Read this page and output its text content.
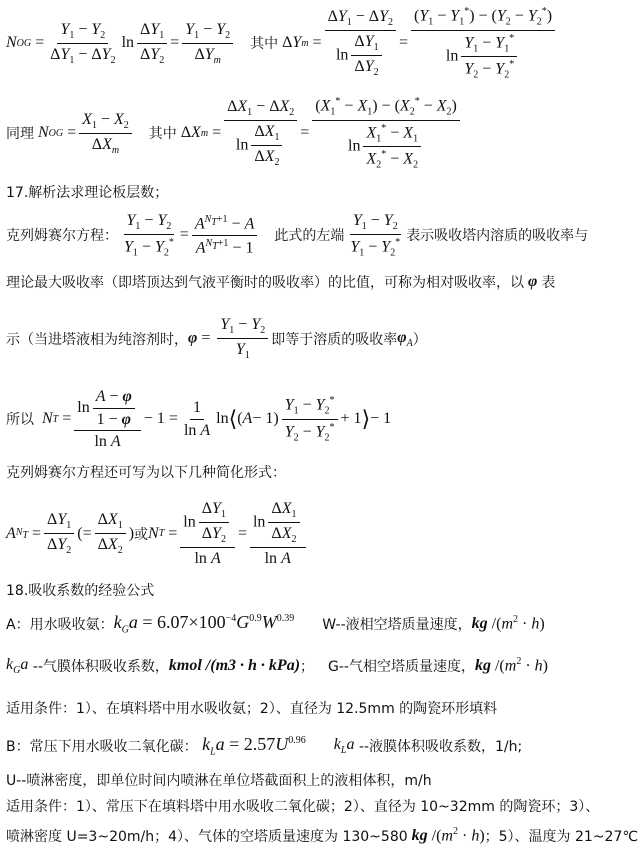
N OG = $\frac{Y_1 - Y_2}{\Delta Y_1 - \Delta Y_2}$ $\ln \frac{\Delta Y_1}{\Delta Y_2} = \frac{Y_1 - Y_2}{\Delta Y_m}$ 其中 Δ Y $m = \frac{\Delta Y_1 - \Delta Y_2}{\ln \frac{\Delta Y_1}{\Delta Y_2}} = \frac{(Y_1 - Y_1^*) - (Y_2 - Y_2^*)}{\ln \frac{Y_1 - Y_1^*}{Y_2 - Y_2^*}}$
同理
N OG = $\frac{X_1 - X_2}{\Delta X_m}$ 其中 Δ X $m = \frac{\Delta X_1 - \Delta X_2}{\ln \frac{\Delta X_1}{\Delta X_2}} = \frac{(X_1^* - X_1) - (X_2^* - X_2)}{\ln \frac{X_1^* - X_1}{X_2^* - X_2}}$
17.解析法求理论板层数；
克列姆赛尔方程： $\frac{Y_1 - Y_2}{Y_1 - Y_2^*} = \frac{A^{N_T+1} - A}{A^{N_T+1} - 1}$ 此式的左端 $\frac{Y_1 - Y_2}{Y_1 - Y_2^*}$ 表示吸收塔内溶质的吸收率与
理论最大吸收率（即塔顶达到气液平衡时的吸收率）的比值，可称为相对吸收率，以 φ 表
示（当进塔液相为纯溶剂时， $\varphi = \frac{Y_1 - Y_2}{Y_1}$ 即等于溶质的吸收率 $\varphi_A$ ）
所以
N $T = \frac{\ln \frac{A - \varphi}{1 - \varphi}}{\text{ln A}} - 1 = \frac{1}{\text{ln A}}$ ln ⟨ ( $A - 1) \frac{Y_1 - Y_2^*}{Y_2 - Y_2^*} + 1$ ⟩ − 1
克列姆赛尔方程还可写为以下几种简化形式：
A $N_T = \frac{\Delta Y_1}{\Delta Y_2}$ (= $\frac{\Delta X_1}{\Delta X_2}$ ) 或 N $T = \frac{\ln \frac{\Delta Y_1}{\Delta Y_2}}{\text{ln A}} = \frac{\ln \frac{\Delta X_1}{\Delta X_2}}{\text{ln A}}$
18.吸收系数的经验公式
A：用水吸收氨： $k_Ga = 6.07\times 100^{-4}G^{0.9}W^{0.39}$ W--液相空塔质量速度， kg $/(m^2 \cdot h)$
$k_Ga$
--气膜体积吸收系数， kmol /(m 3 · h · kPa) ； G--气相空塔质量速度， kg $/(m^2 \cdot h)$
适用条件：1）、在填料塔中用水吸收氨；2）、直径为 12.5mm 的陶瓷环形填料
B：常压下用水吸收二氧化碳：
$k_La = 2.57U^{0.96}$ $k_La$
--液膜体积吸收系数，1/h;
U--喷淋密度，即单位时间内喷淋在单位塔截面积上的液相体积，m/h
适用条件：1）、常压下在填料塔中用水吸收二氧化碳；2）、直径为 10~32mm 的陶瓷环；3）、
喷淋密度 U=3~20m/h；4）、气体的空塔质量速度为 130~580 kg $/(m^2 \cdot h)$ ；5）、温度为 21~27℃
